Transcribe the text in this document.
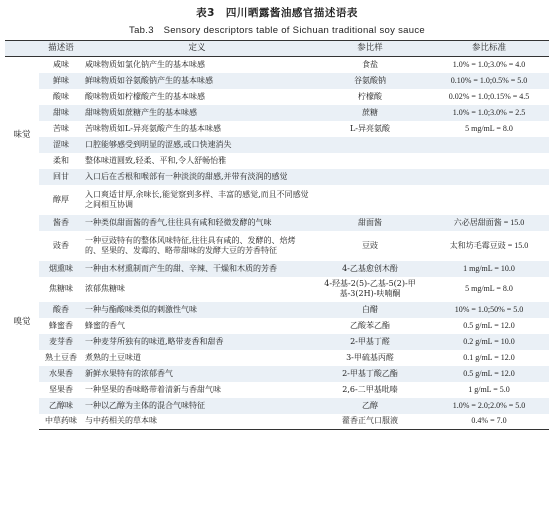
表3　四川晒露酱油感官描述语表
Tab.3　Sensory descriptors table of Sichuan traditional soy sauce
	描述语	定义	参比样	参比标准
味觉	咸味	咸味物质如氯化钠产生的基本味感	食盐	1.0% = 1.0;3.0% = 4.0
	鲜味	鲜味物质如谷氨酸钠产生的基本味感	谷氨酸钠	0.10% = 1.0;0.5% = 5.0
	酸味	酸味物质如柠檬酸产生的基本味感	柠檬酸	0.02% = 1.0;0.15% = 4.5
	甜味	甜味物质如蔗糖产生的基本味感	蔗糖	1.0% = 1.0;3.0% = 2.5
	苦味	苦味物质如L-异亮氨酸产生的基本味感	L-异亮氨酸	5 mg/mL = 8.0
	涩味	口腔能够感受到明显的涩感,或口快速消失		
	柔和	整体味道圆致,轻柔、平和,令人舒畅怡雅		
	回甘	入口后在舌根和喉部有一种淡淡的甜感,并带有淡润的感觉		
	醇厚	入口爽适甘厚,余味长,能觉察到多样、丰富的感觉,而且不同感觉之间相互协调		
嗅觉	酱香	一种类似甜面酱的香气,往往具有咸和轻微发酵的气味	甜面酱	六必居甜面酱 = 15.0
	豉香	一种豆豉特有的整体风味特征,往往具有咸的、发酵的、焙烤的、坚果的、发霉的、略带甜味的发酵大豆的芳香特征	豆豉	太和坊毛霉豆豉 = 15.0
	烟熏味	一种由木材熏制而产生的甜、辛辣、干燥和木质的芳香	4-乙基愈创木酚	1 mg/mL = 10.0
	焦糖味	浓郁焦糖味	4-羟基-2(5)-乙基-5(2)-甲基-3(2H)-呋喃酮	5 mg/mL = 8.0
	酸香	一种与酯酸味类似的刺激性气味	白醋	10% = 1.0;50% = 5.0
	蜂蜜香	蜂蜜的香气	乙酸苯乙酯	0.5 g/mL = 12.0
	麦芽香	一种麦芽所独有的味道,略带麦香和甜香	2-甲基丁醛	0.2 g/mL = 10.0
	熟土豆香	煮熟的土豆味道	3-甲硫基丙醛	0.1 g/mL = 12.0
	水果香	新鲜水果特有的浓郁香气	2-甲基丁酸乙酯	0.5 g/mL = 12.0
	坚果香	一种坚果的香味略带着清新与香甜气味	2,6-二甲基吡嗪	1 g/mL = 5.0
	乙醇味	一种以乙醇为主体的混合气味特征	乙醇	1.0% = 2.0;2.0% = 5.0
	中草药味	与中药相关的草本味	藿香正气口服液	0.4% = 7.0
